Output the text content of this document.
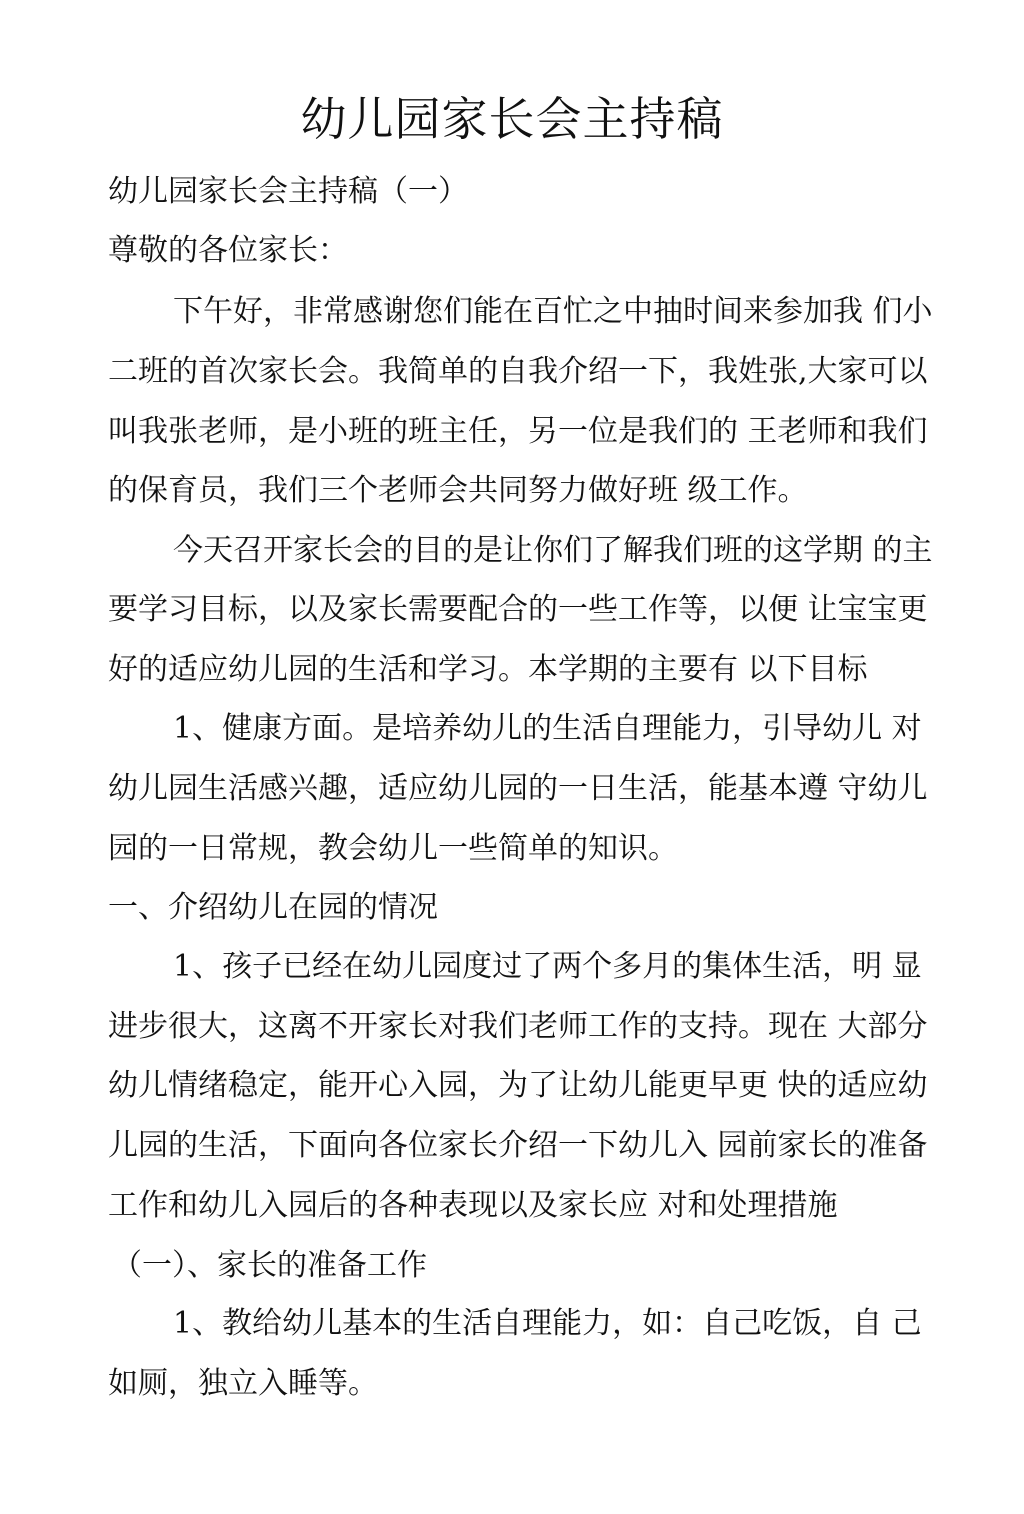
幼儿园家长会主持稿

幼儿园家长会主持稿（一）

尊敬的各位家长：

下午好，非常感谢您们能在百忙之中抽时间来参加我 们小

二班的首次家长会。我简单的自我介绍一下，我姓张,大家可以

叫我张老师，是小班的班主任，另一位是我们的 王老师和我们

的保育员，我们三个老师会共同努力做好班 级工作。

今天召开家长会的目的是让你们了解我们班的这学期 的主

要学习目标，以及家长需要配合的一些工作等，以便 让宝宝更

好的适应幼儿园的生活和学习。本学期的主要有 以下目标

1、健康方面。是培养幼儿的生活自理能力，引导幼儿 对

幼儿园生活感兴趣，适应幼儿园的一日生活，能基本遵 守幼儿

园的一日常规，教会幼儿一些简单的知识。

一、介绍幼儿在园的情况

1、孩子已经在幼儿园度过了两个多月的集体生活，明 显

进步很大，这离不开家长对我们老师工作的支持。现在 大部分

幼儿情绪稳定，能开心入园，为了让幼儿能更早更 快的适应幼

儿园的生活，下面向各位家长介绍一下幼儿入 园前家长的准备

工作和幼儿入园后的各种表现以及家长应 对和处理措施

（一）、家长的准备工作

1、教给幼儿基本的生活自理能力，如：自己吃饭，自 己

如厕，独立入睡等。
